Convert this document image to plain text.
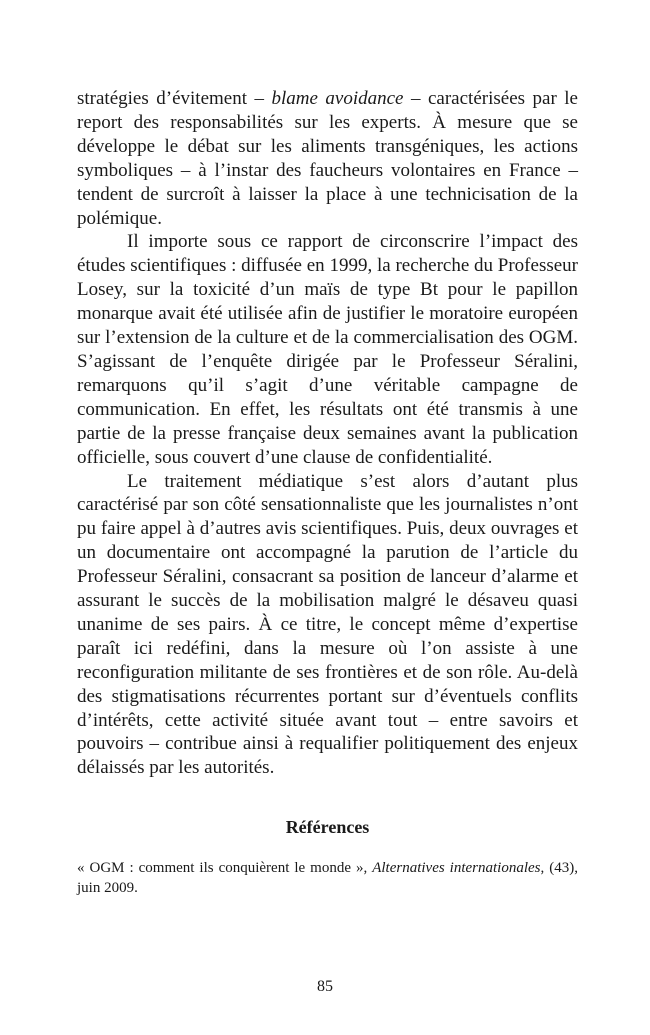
stratégies d’évitement – blame avoidance – caractérisées par le report des responsabilités sur les experts. À mesure que se développe le débat sur les aliments transgéniques, les actions symboliques – à l’instar des faucheurs volontaires en France – tendent de surcroît à laisser la place à une technicisation de la polémique.

Il importe sous ce rapport de circonscrire l’impact des études scientifiques : diffusée en 1999, la recherche du Professeur Losey, sur la toxicité d’un maïs de type Bt pour le papillon monarque avait été utilisée afin de justifier le moratoire européen sur l’extension de la culture et de la commercialisation des OGM. S’agissant de l’enquête dirigée par le Professeur Séralini, remarquons qu’il s’agit d’une véritable campagne de communication. En effet, les résultats ont été transmis à une partie de la presse française deux semaines avant la publication officielle, sous couvert d’une clause de confidentialité.

Le traitement médiatique s’est alors d’autant plus caractérisé par son côté sensationnaliste que les journalistes n’ont pu faire appel à d’autres avis scientifiques. Puis, deux ouvrages et un documentaire ont accompagné la parution de l’article du Professeur Séralini, consacrant sa position de lanceur d’alarme et assurant le succès de la mobilisation malgré le désaveu quasi unanime de ses pairs. À ce titre, le concept même d’expertise paraît ici redéfini, dans la mesure où l’on assiste à une reconfiguration militante de ses frontières et de son rôle. Au-delà des stigmatisations récurrentes portant sur d’éventuels conflits d’intérêts, cette activité située avant tout – entre savoirs et pouvoirs – contribue ainsi à requalifier politiquement des enjeux délaissés par les autorités.

Références

« OGM : comment ils conquièrent le monde », Alternatives internationales, (43), juin 2009.

85
